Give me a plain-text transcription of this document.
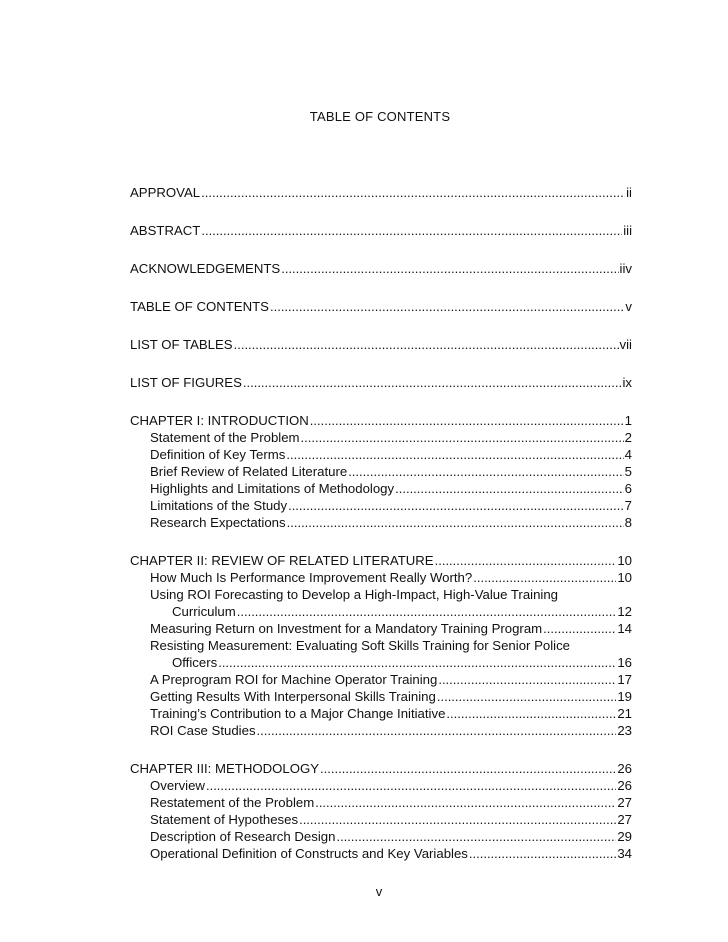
TABLE OF CONTENTS
APPROVAL .....	ii
ABSTRACT .....	iii
ACKNOWLEDGEMENTS .....	iiv
TABLE OF CONTENTS .....	v
LIST OF TABLES .....	vii
LIST OF FIGURES .....	ix
CHAPTER I: INTRODUCTION .....	1
Statement of the Problem .....	2
Definition of Key Terms .....	4
Brief Review of Related Literature .....	5
Highlights and Limitations of Methodology .....	6
Limitations of the Study .....	7
Research Expectations .....	8
CHAPTER II: REVIEW OF RELATED LITERATURE .....	10
How Much Is Performance Improvement Really Worth? .....	10
Using ROI Forecasting to Develop a High-Impact, High-Value Training
Curriculum .....	12
Measuring Return on Investment for a Mandatory Training Program .....	14
Resisting Measurement: Evaluating Soft Skills Training for Senior Police
Officers .....	16
A Preprogram ROI for Machine Operator Training .....	17
Getting Results With Interpersonal Skills Training .....	19
Training’s Contribution to a Major Change Initiative .....	21
ROI Case Studies .....	23
CHAPTER III: METHODOLOGY .....	26
Overview .....	26
Restatement of the Problem .....	27
Statement of Hypotheses .....	27
Description of Research Design .....	29
Operational Definition of Constructs and Key Variables .....	34
v
